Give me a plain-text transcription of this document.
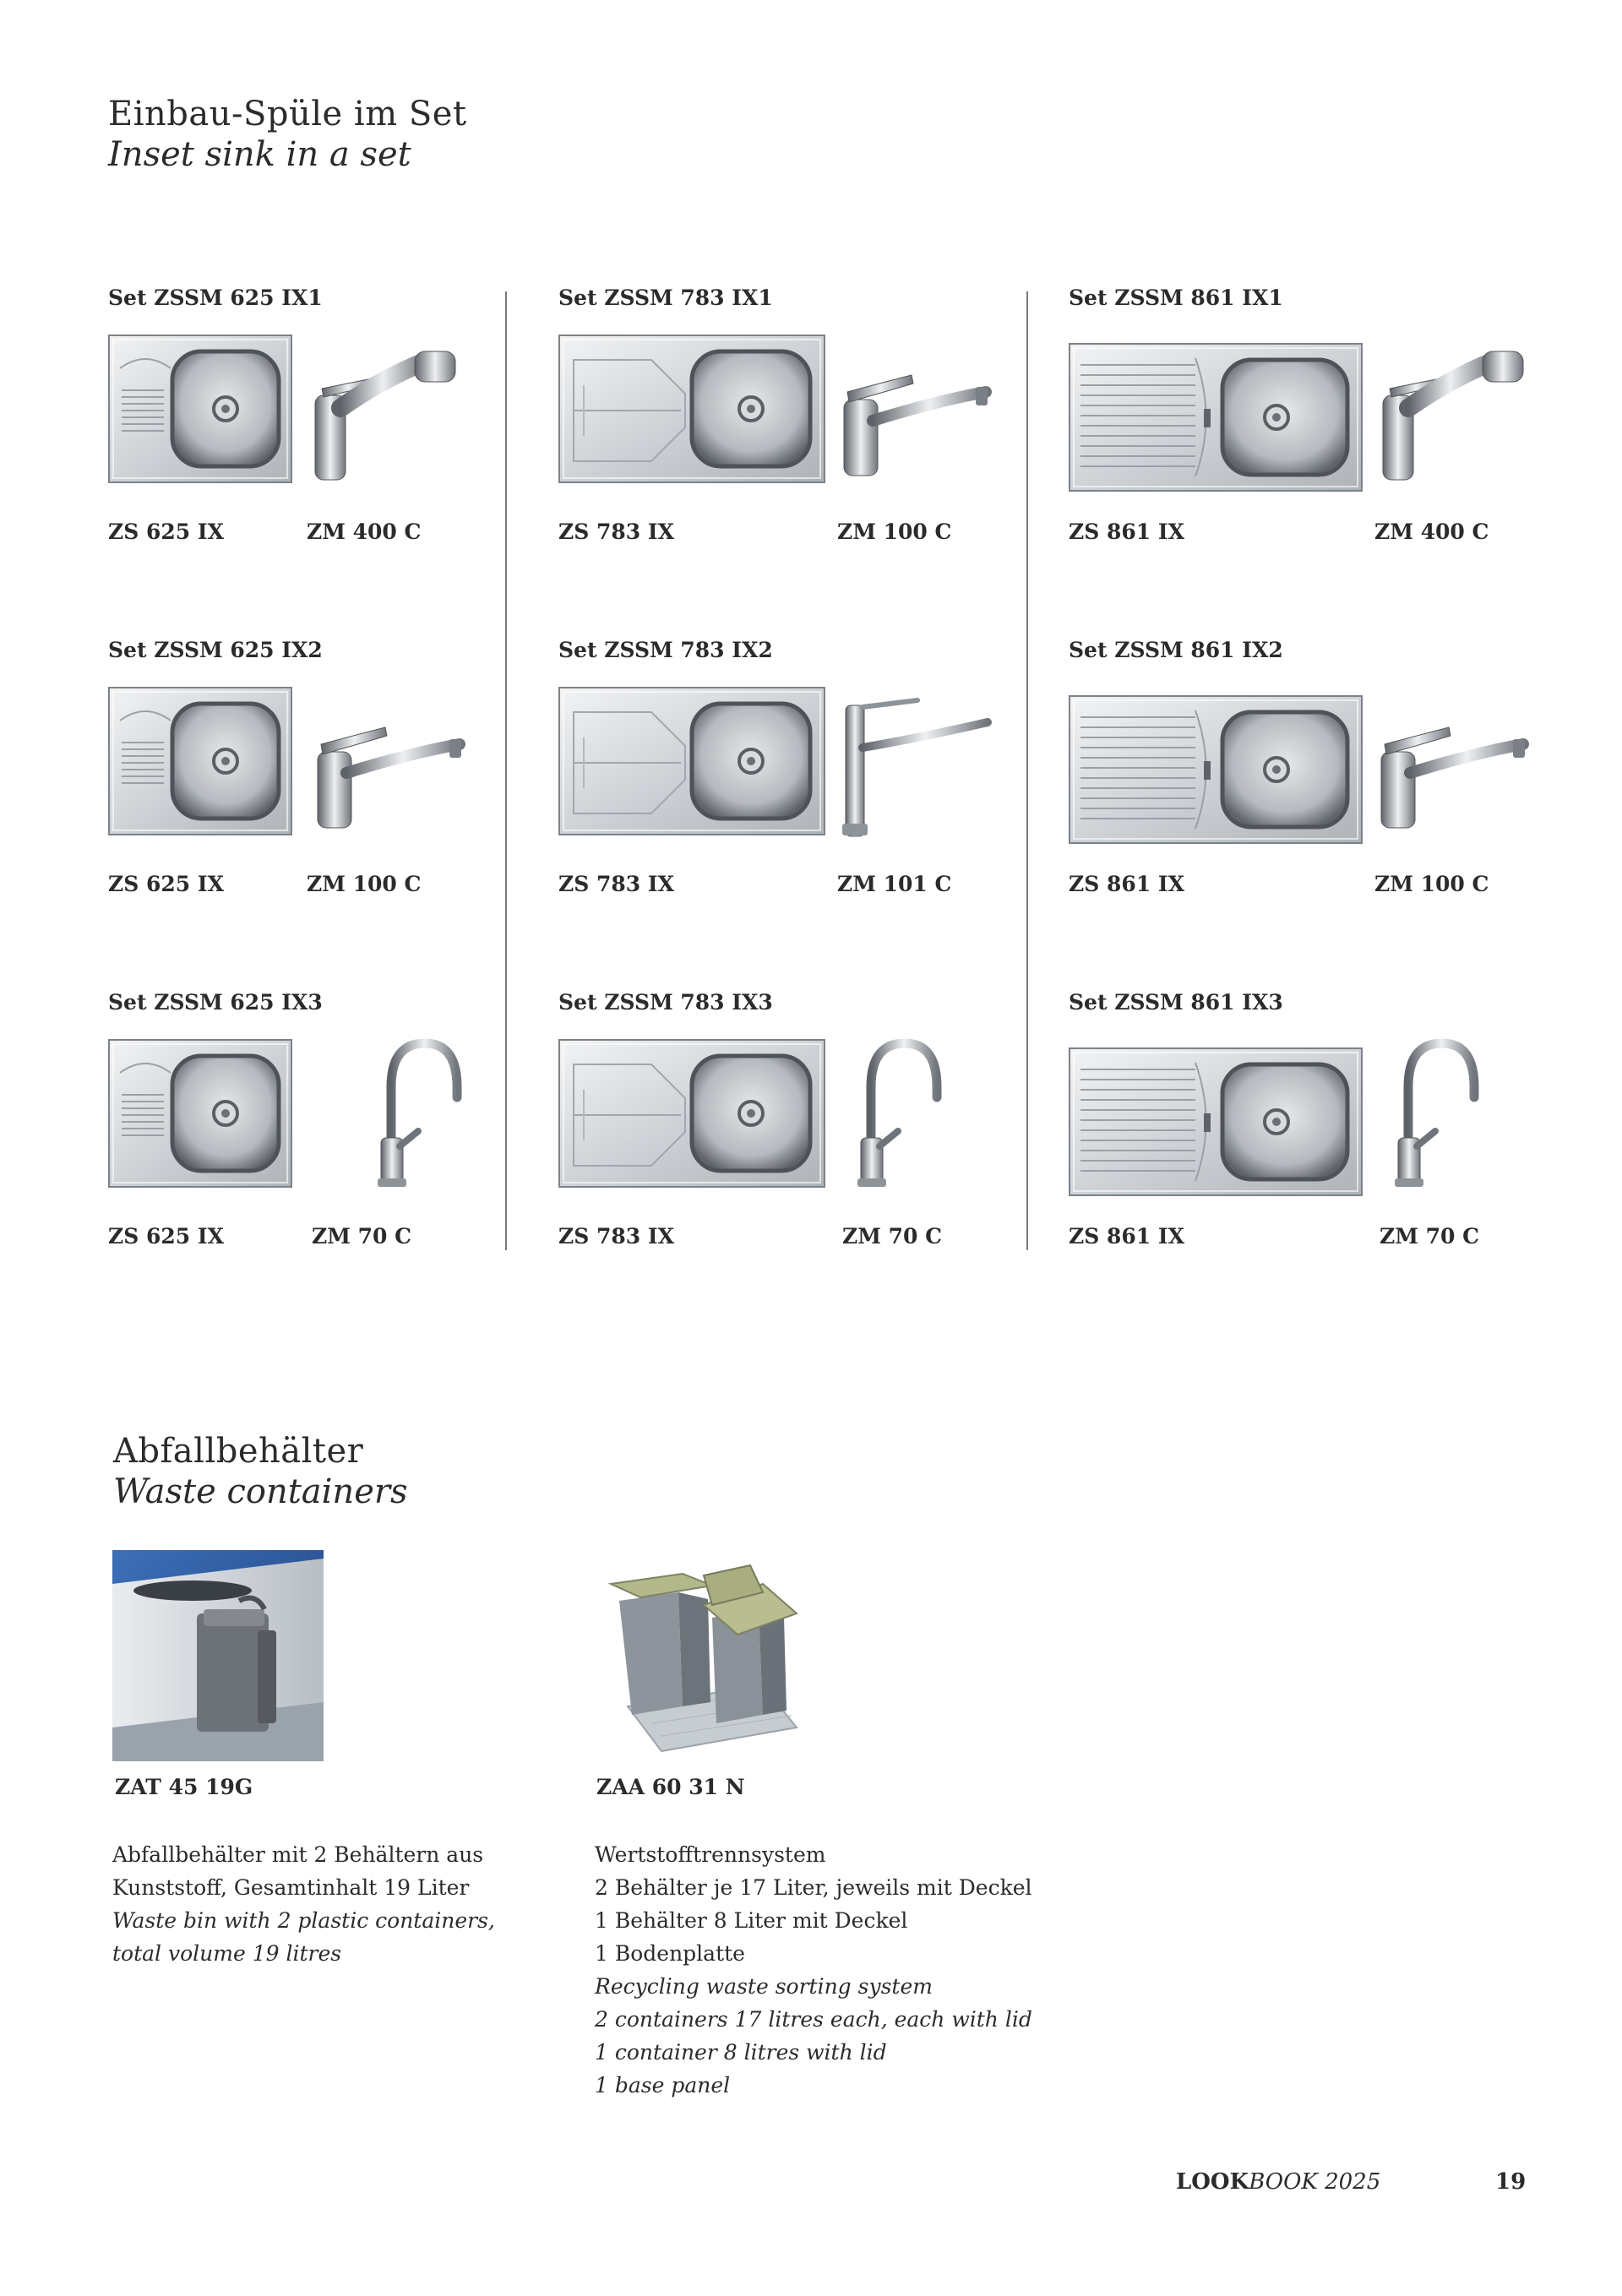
Einbau-Spüle im Set
Inset sink in a set
Set ZSSM 625 IX1
ZS 625 IX	ZM 400 C
Set ZSSM 783 IX1
ZS 783 IX	ZM 100 C
Set ZSSM 861 IX1
ZS 861 IX	ZM 400 C
Set ZSSM 625 IX2
ZS 625 IX	ZM 100 C
Set ZSSM 783 IX2
ZS 783 IX	ZM 101 C
Set ZSSM 861 IX2
ZS 861 IX	ZM 100 C
Set ZSSM 625 IX3
ZS 625 IX	ZM 70 C
Set ZSSM 783 IX3
ZS 783 IX	ZM 70 C
Set ZSSM 861 IX3
ZS 861 IX	ZM 70 C
Abfallbehälter
Waste containers
ZAT 45 19G
Abfallbehälter mit 2 Behältern aus
Kunststoff, Gesamtinhalt 19 Liter
Waste bin with 2 plastic containers,
total volume 19 litres
ZAA 60 31 N
Wertstofftrennsystem
2 Behälter je 17 Liter, jeweils mit Deckel
1 Behälter 8 Liter mit Deckel
1 Bodenplatte
Recycling waste sorting system
2 containers 17 litres each, each with lid
1 container 8 litres with lid
1 base panel
LOOKBOOK 2025	19
